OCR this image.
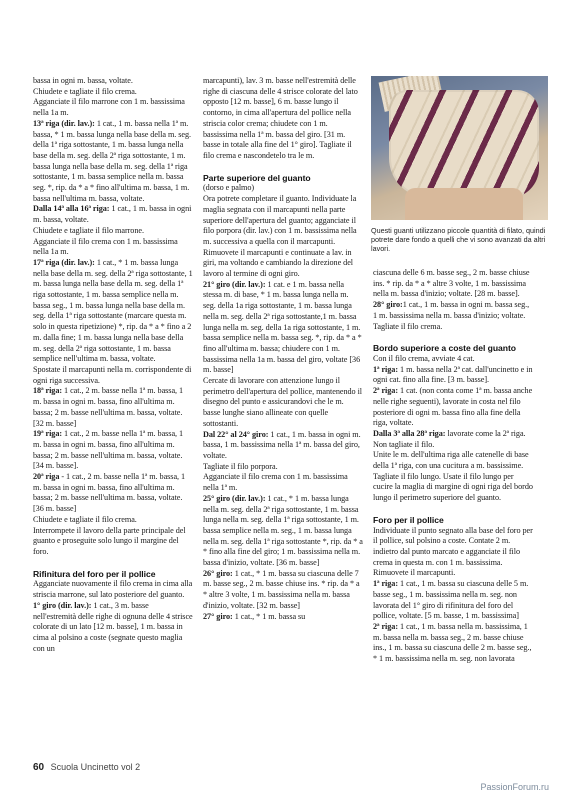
bassa in ogni m. bassa, voltate.

Chiudete e tagliate il filo crema.

Agganciate il filo marrone con 1 m. bassissima nella 1a m.

13ª riga (dir. lav.): 1 cat., 1 m. bassa nella 1ª m. bassa, * 1 m. bassa lunga nella base della m. seg. della 1ª riga sottostante, 1 m. bassa lunga nella base della m. seg. della 2ª riga sottostante, 1 m. bassa lunga nella base della m. seg. della 1ª riga sottostante, 1 m. bassa semplice nella m. bassa seg. *, rip. da * a * fino all'ultima m. bassa, 1 m. bassa nell'ultima m. bassa, voltate.

Dalla 14ª alla 16ª riga: 1 cat., 1 m. bassa in ogni m. bassa, voltate.

Chiudete e tagliate il filo marrone.

Agganciate il filo crema con 1 m. bassissima nella 1a m.

17ª riga (dir. lav.): 1 cat., * 1 m. bassa lunga nella base della m. seg. della 2ª riga sottostante, 1 m. bassa lunga nella base della m. seg. della 1ª riga sottostante, 1 m. bassa semplice nella m. bassa seg., 1 m. bassa lunga nella base della m. seg. della 1ª riga sottostante (marcare questa m. solo in questa ripetizione) *, rip. da * a * fino a 2 m. dalla fine; 1 m. bassa lunga nella base della m. seg. della 2ª riga sottostante, 1 m. bassa semplice nell'ultima m. bassa, voltate.

Spostate il marcapunti nella m. corrispondente di ogni riga successiva.

18ª riga: 1 cat., 2 m. basse nella 1ª m. bassa, 1 m. bassa in ogni m. bassa, fino all'ultima m. bassa; 2 m. basse nell'ultima m. bassa, voltate. [32 m. basse]

19ª riga: 1 cat., 2 m. basse nella 1ª m. bassa, 1 m. bassa in ogni m. bassa, fino all'ultima m. bassa; 2 m. basse nell'ultima m. bassa, voltate. [34 m. basse].

20ª riga - 1 cat., 2 m. basse nella 1ª m. bassa, 1 m. bassa in ogni m. bassa, fino all'ultima m. bassa; 2 m. basse nell'ultima m. bassa, voltate. [36 m. basse]

Chiudete e tagliate il filo crema.

Interrompete il lavoro della parte principale del guanto e proseguite solo lungo il margine del foro.

Rifinitura del foro per il pollice

Agganciate nuovamente il filo crema in cima alla striscia marrone, sul lato posteriore del guanto.

1° giro (dir. lav.): 1 cat., 3 m. basse nell'estremità delle righe di ognuna delle 4 strisce colorate di un lato [12 m. basse], 1 m. bassa in cima al polsino a coste (segnate questo maglia con un

marcapunti), lav. 3 m. basse nell'estremità delle righe di ciascuna delle 4 strisce colorate del lato opposto [12 m. basse], 6 m. basse lungo il contorno, in cima all'apertura del pollice nella striscia color crema; chiudete con 1 m. bassissima nella 1ª m. bassa del giro. [31 m. basse in totale alla fine del 1° giro]. Tagliate il filo crema e nascondetelo tra le m.

Parte superiore del guanto

(dorso e palmo)

Ora potrete completare il guanto. Individuate la maglia segnata con il marcapunti nella parte superiore dell'apertura del guanto; agganciate il filo porpora (dir. lav.) con 1 m. bassissima nella m. successiva a quella con il marcapunti.

Rimuovete il marcapunti e continuate a lav. in giri, ma voltando e cambiando la direzione del lavoro al termine di ogni giro.

21° giro (dir. lav.): 1 cat. e 1 m. bassa nella stessa m. di base, * 1 m. bassa lunga nella m. seg. della 1a riga sottostante, 1 m. bassa lunga nella m. seg. della 2ª riga sottostante,1 m. bassa lunga nella m. seg. della 1a riga sottostante, 1 m. bassa semplice nella m. bassa seg. *, rip. da * a * fino all'ultima m. bassa; chiudere con 1 m. bassissima nella 1a m. bassa del giro, voltate [36 m. basse]

Cercate di lavorare con attenzione lungo il perimetro dell'apertura del pollice, mantenendo il disegno del punto e assicurandovi che le m. basse lunghe siano allineate con quelle sottostanti.

Dal 22° al 24° giro: 1 cat., 1 m. bassa in ogni m. bassa, 1 m. bassissima nella 1ª m. bassa del giro, voltate.

Tagliate il filo porpora.

Agganciate il filo crema con 1 m. bassissima nella 1ª m.

25° giro (dir. lav.): 1 cat., * 1 m. bassa lunga nella m. seg. della 2ª riga sottostante, 1 m. bassa lunga nella m. seg. della 1ª riga sottostante, 1 m. bassa semplice nella m. seg., 1 m. bassa lunga nella m. seg. della 1ª riga sottostante *, rip. da * a * fino alla fine del giro; 1 m. bassissima nella m. bassa d'inizio, voltate. [36 m. basse]

26° giro: 1 cat., * 1 m. bassa su ciascuna delle 7 m. basse seg., 2 m. basse chiuse ins. * rip. da * a * altre 3 volte, 1 m. bassissima nella m. bassa d'inizio, voltate. [32 m. basse]

27° giro: 1 cat., * 1 m. bassa su

Questi guanti utilizzano piccole quantità di filato, quindi potrete dare fondo a quelli che vi sono avanzati da altri lavori.

ciascuna delle 6 m. basse seg., 2 m. basse chiuse ins. * rip. da * a * altre 3 volte, 1 m. bassissima nella m. bassa d'inizio; voltate. [28 m. basse].

28° giro:1 cat., 1 m. bassa in ogni m. bassa seg., 1 m. bassissima nella m. bassa d'inizio; voltate.

Tagliate il filo crema.

Bordo superiore a coste del guanto

Con il filo crema, avviate 4 cat.

1ª riga: 1 m. bassa nella 2ª cat. dall'uncinetto e in ogni cat. fino alla fine. [3 m. basse].

2ª riga: 1 cat. (non conta come 1ª m. bassa anche nelle righe seguenti), lavorate in costa nel filo posteriore di ogni m. bassa fino alla fine della riga, voltate.

Dalla 3ª alla 28ª riga: lavorate come la 2ª riga. Non tagliate il filo.

Unite le m. dell'ultima riga alle catenelle di base della 1ª riga, con una cucitura a m. bassissime. Tagliate il filo lungo. Usate il filo lungo per cucire la maglia di margine di ogni riga del bordo lungo il perimetro superiore del guanto.

Foro per il pollice

Individuate il punto segnato alla base del foro per il pollice, sul polsino a coste. Contate 2 m. indietro dal punto marcato e agganciate il filo crema in questa m. con 1 m. bassissima.

Rimuovete il marcapunti.

1ª riga: 1 cat., 1 m. bassa su ciascuna delle 5 m. basse seg., 1 m. bassissima nella m. seg. non lavorata del 1° giro di rifinitura del foro del pollice, voltate. [5 m. basse, 1 m. bassissima]

2ª riga: 1 cat., 1 m. bassa nella m. bassissima, 1 m. bassa nella m. bassa seg., 2 m. basse chiuse ins., 1 m. bassa su ciascuna delle 2 m. basse seg., * 1 m. bassissima nella m. seg. non lavorata

60 Scuola Uncinetto vol 2
PassionForum.ru
